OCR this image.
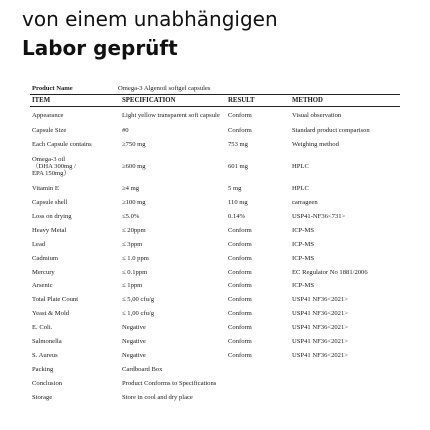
von einem unabhängigen
Labor geprüft
Product Name	Omega-3 Algenoil softgel capsules
ITEM	SPECIFICATION	RESULT	METHOD
Appearance	Light yellow transparent soft capsule	Conform	Visual observation
Capsule Size	#0	Conform	Standard product comparison
Each Capsule contains	≥750 mg	753 mg	Weighing method
Omega-3 oil
（DHA 300mg /
EPA 150mg）	≥600 mg	601 mg	HPLC
Vitamin E	≥4 mg	5 mg	HPLC
Capsule shell	≥100 mg	110 mg	carrageen
Loss on drying	≤5.0%	0.14%	USP41-NF36<731>
Heavy Metal	≤ 20ppm	Conform	ICP-MS
Lead	≤ 3ppm	Conform	ICP-MS
Cadmium	≤ 1.0 ppm	Conform	ICP-MS
Mercury	≤ 0.1ppm	Conform	EC Regulator No 1881/2006
Arsenic	≤ 1ppm	Conform	ICP-MS
Total Plate Count	≤ 5,00 cfu/g	Conform	USP41 NF36<2021>
Yeast & Mold	≤ 1,00 cfu/g	Conform	USP41 NF36<2021>
E. Coli.	Negative	Conform	USP41 NF36<2021>
Salmonella	Negative	Conform	USP41 NF36<2021>
S. Aureus	Negative	Conform	USP41 NF36<2021>
Packing	Cardboard Box		
Conclusion	Product Conforms to Specifications		
Storage	Store in cool and dry place		
